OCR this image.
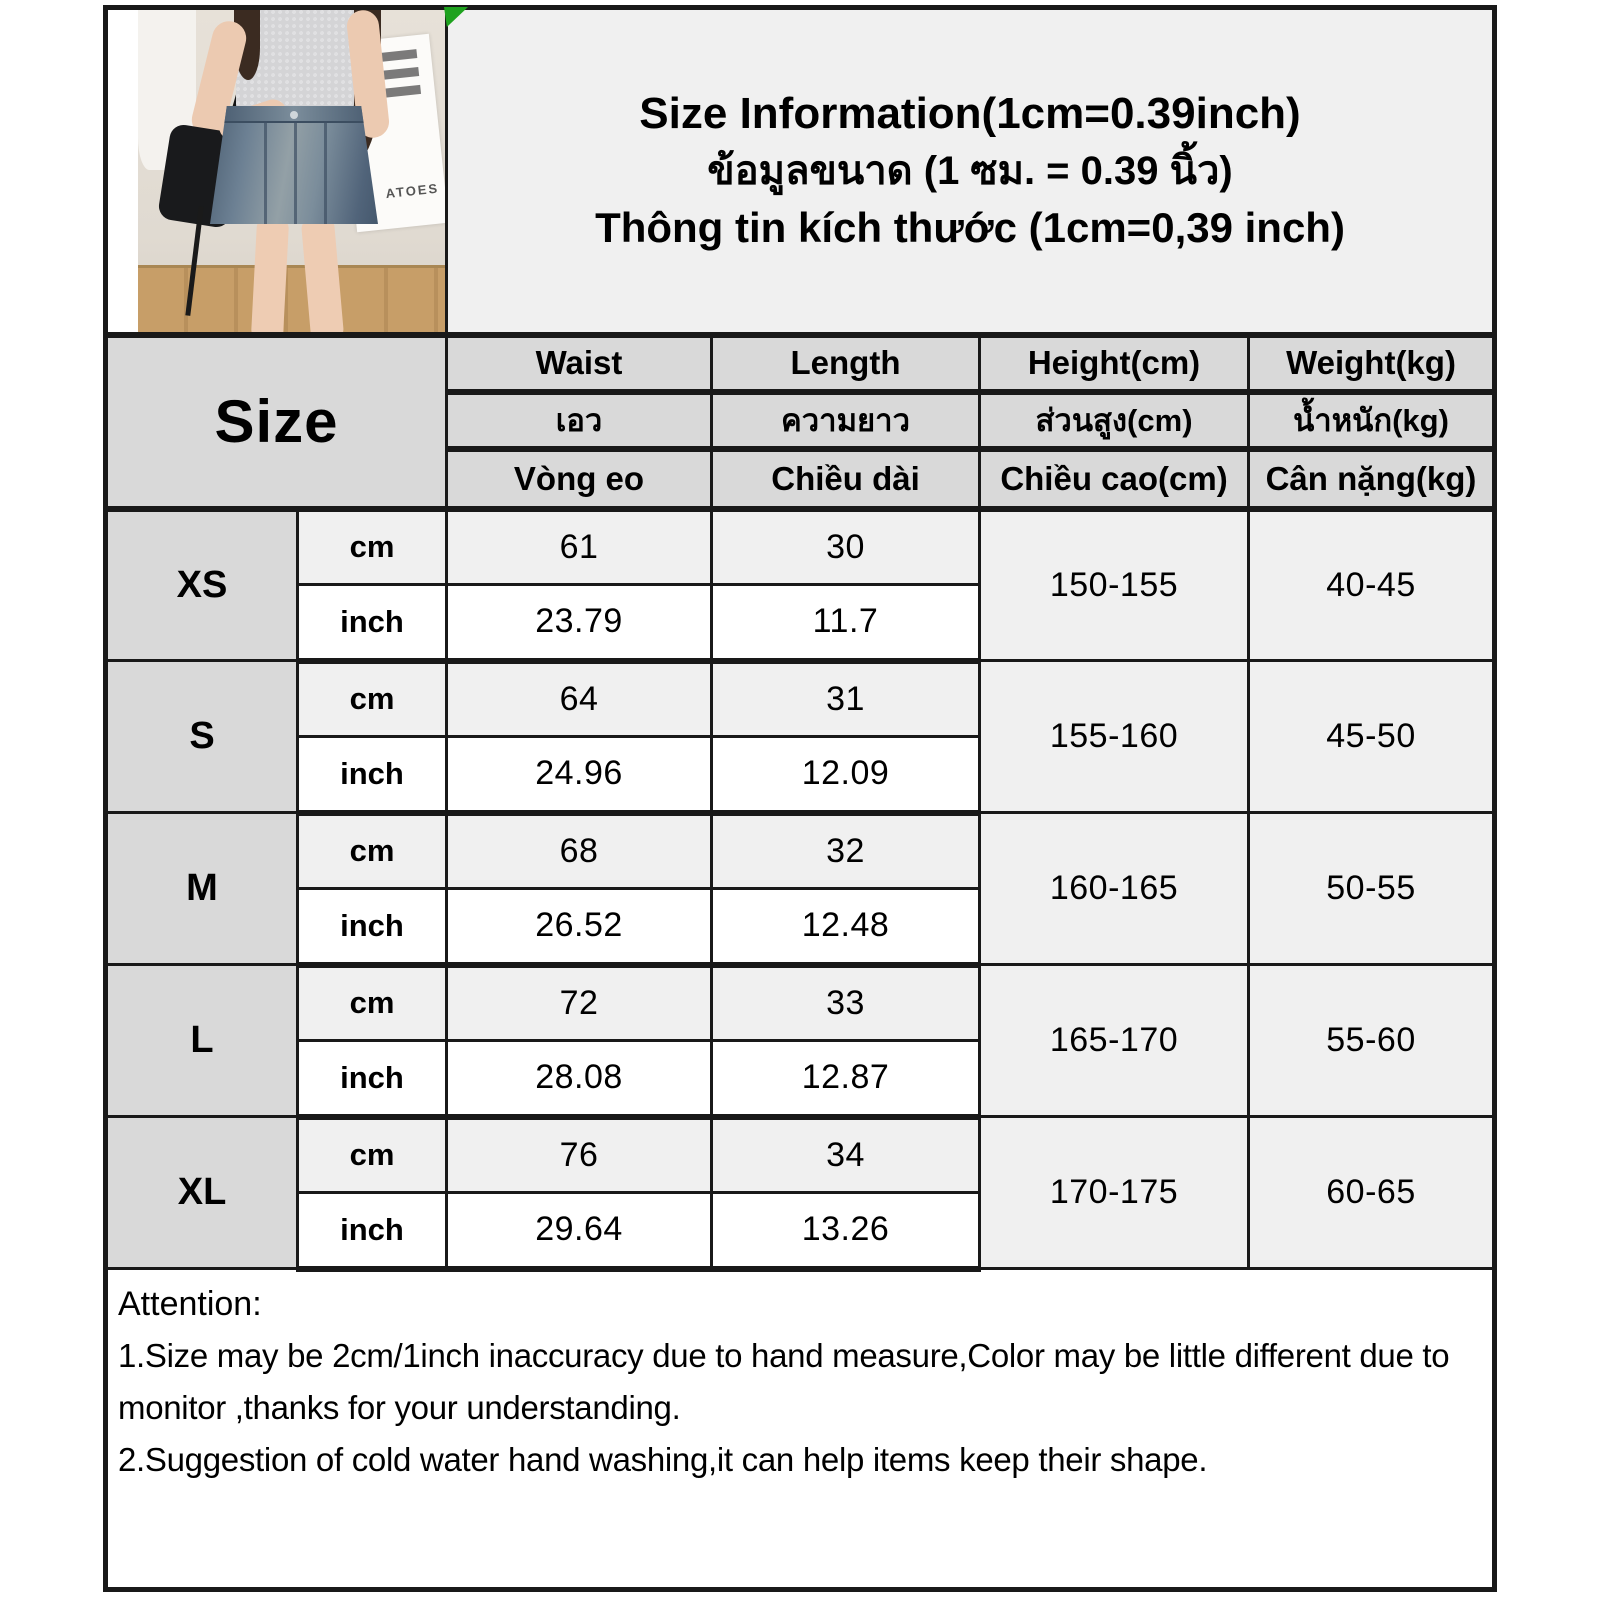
ATOES		Size Information(1cm=0.39inch)
ข้อมูลขนาด (1 ซม. = 0.39 นิ้ว)
Thông tin kích thước (1cm=0,39 inch)			

Size		Waist	Length	Height(cm)	Weight(kg)
		เอว	ความยาว	ส่วนสูง(cm)	น้ำหนัก(kg)
		Vòng eo	Chiều dài	Chiều cao(cm)	Cân nặng(kg)
XS	cm	61	30	150-155	40-45
	inch	23.79	11.7		
S	cm	64	31	155-160	45-50
	inch	24.96	12.09		
M	cm	68	32	160-165	50-55
	inch	26.52	12.48		
L	cm	72	33	165-170	55-60
	inch	28.08	12.87		
XL	cm	76	34	170-175	60-65
	inch	29.64	13.26		

Attention:
1.Size may be 2cm/1inch inaccuracy due to hand measure,Color may be little different due to monitor ,thanks for your understanding.
2.Suggestion of cold water hand washing,it can help items keep their shape.					
